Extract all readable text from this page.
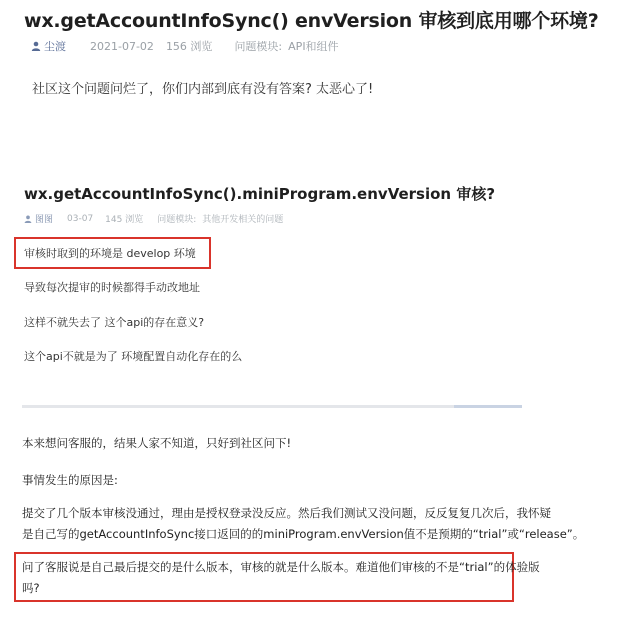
wx.getAccountInfoSync() envVersion 审核到底用哪个环境?
尘渡 2021-07-02 156 浏览 问题模块: API和组件
社区这个问题问烂了，你们内部到底有没有答案? 太恶心了!
wx.getAccountInfoSync().miniProgram.envVersion 审核?
图图 03-07 145 浏览 问题模块: 其他开发相关的问题
审核时取到的环境是 develop 环境
导致每次提审的时候都得手动改地址
这样不就失去了 这个api的存在意义?
这个api不就是为了 环境配置自动化存在的么
本来想问客服的，结果人家不知道，只好到社区问下!
事情发生的原因是:
提交了几个版本审核没通过，理由是授权登录没反应。然后我们测试又没问题，反反复复几次后，我怀疑
是自己写的getAccountInfoSync接口返回的的miniProgram.envVersion值不是预期的“trial”或“release”。
问了客服说是自己最后提交的是什么版本，审核的就是什么版本。难道他们审核的不是“trial”的体验版
吗?
